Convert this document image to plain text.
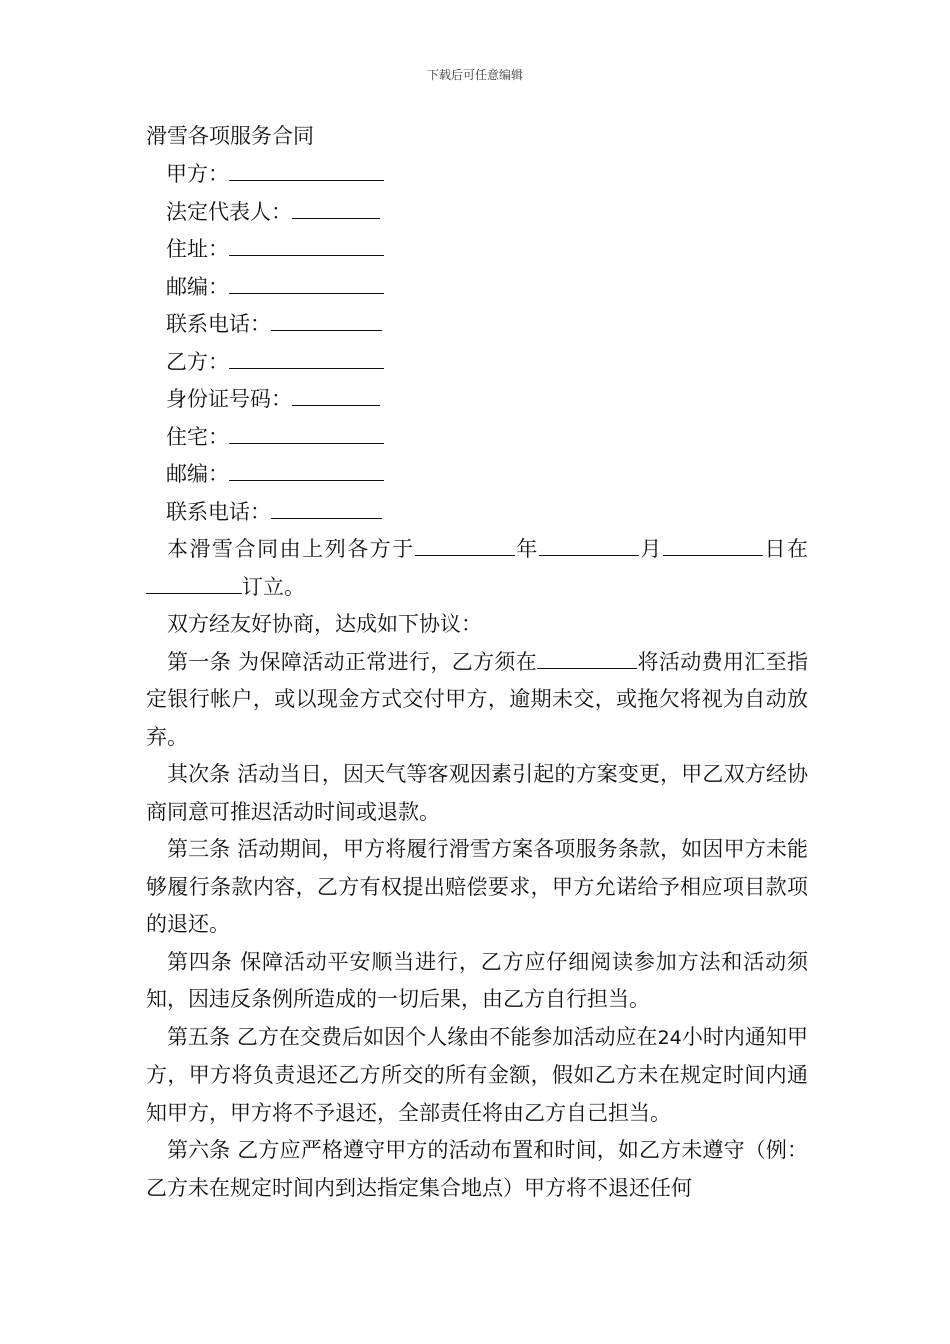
下载后可任意编辑
滑雪各项服务合同
甲方：
法定代表人：
住址：
邮编：
联系电话：
乙方：
身份证号码：
住宅：
邮编：
联系电话：

本滑雪合同由上列各方于	年	月	日在订立。

双方经友好协商，达成如下协议：

第一条 为保障活动正常进行，乙方须在	将活动费用汇至指定银行帐户，或以现金方式交付甲方，逾期未交，或拖欠将视为自动放弃。

其次条 活动当日，因天气等客观因素引起的方案变更，甲乙双方经协商同意可推迟活动时间或退款。

第三条 活动期间，甲方将履行滑雪方案各项服务条款，如因甲方未能够履行条款内容，乙方有权提出赔偿要求，甲方允诺给予相应项目款项的退还。

第四条 保障活动平安顺当进行，乙方应仔细阅读参加方法和活动须知，因违反条例所造成的一切后果，由乙方自行担当。

第五条 乙方在交费后如因个人缘由不能参加活动应在24小时内通知甲方，甲方将负责退还乙方所交的所有金额，假如乙方未在规定时间内通知甲方，甲方将不予退还，全部责任将由乙方自己担当。

第六条 乙方应严格遵守甲方的活动布置和时间，如乙方未遵守（例：乙方未在规定时间内到达指定集合地点）甲方将不退还任何
